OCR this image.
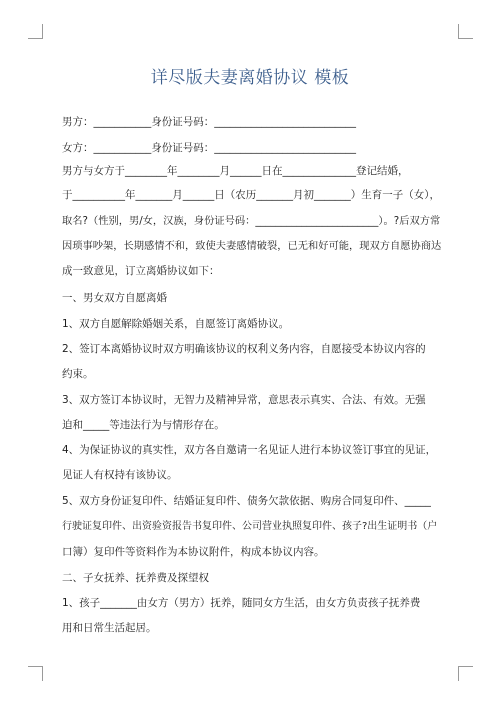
详尽版夫妻离婚协议 模板
男方：___________身份证号码：___________________________
女方：___________身份证号码：___________________________
男方与女方于________年________月______日在______________登记结婚，
于__________年_______月______日（农历_______月初_______）生育一子（女），
取名?（性别，男/女，汉族，身份证号码：________________________）。?后双方常
因琐事吵架，长期感情不和，致使夫妻感情破裂，已无和好可能，现双方自愿协商达
成一致意见，订立离婚协议如下：
一、男女双方自愿离婚
1、双方自愿解除婚姻关系，自愿签订离婚协议。
2、签订本离婚协议时双方明确该协议的权利义务内容，自愿接受本协议内容的
约束。
3、双方签订本协议时，无智力及精神异常，意思表示真实、合法、有效。无强
迫和_____等违法行为与情形存在。
4、为保证协议的真实性，双方各自邀请一名见证人进行本协议签订事宜的见证，
见证人有权持有该协议。
5、双方身份证复印件、结婚证复印件、债务欠款依据、购房合同复印件、_____
行驶证复印件、出资验资报告书复印件、公司营业执照复印件、孩子?出生证明书（户
口簿）复印件等资料作为本协议附件，构成本协议内容。
二、子女抚养、抚养费及探望权
1、孩子_______由女方（男方）抚养，随同女方生活，由女方负责孩子抚养费
用和日常生活起居。
